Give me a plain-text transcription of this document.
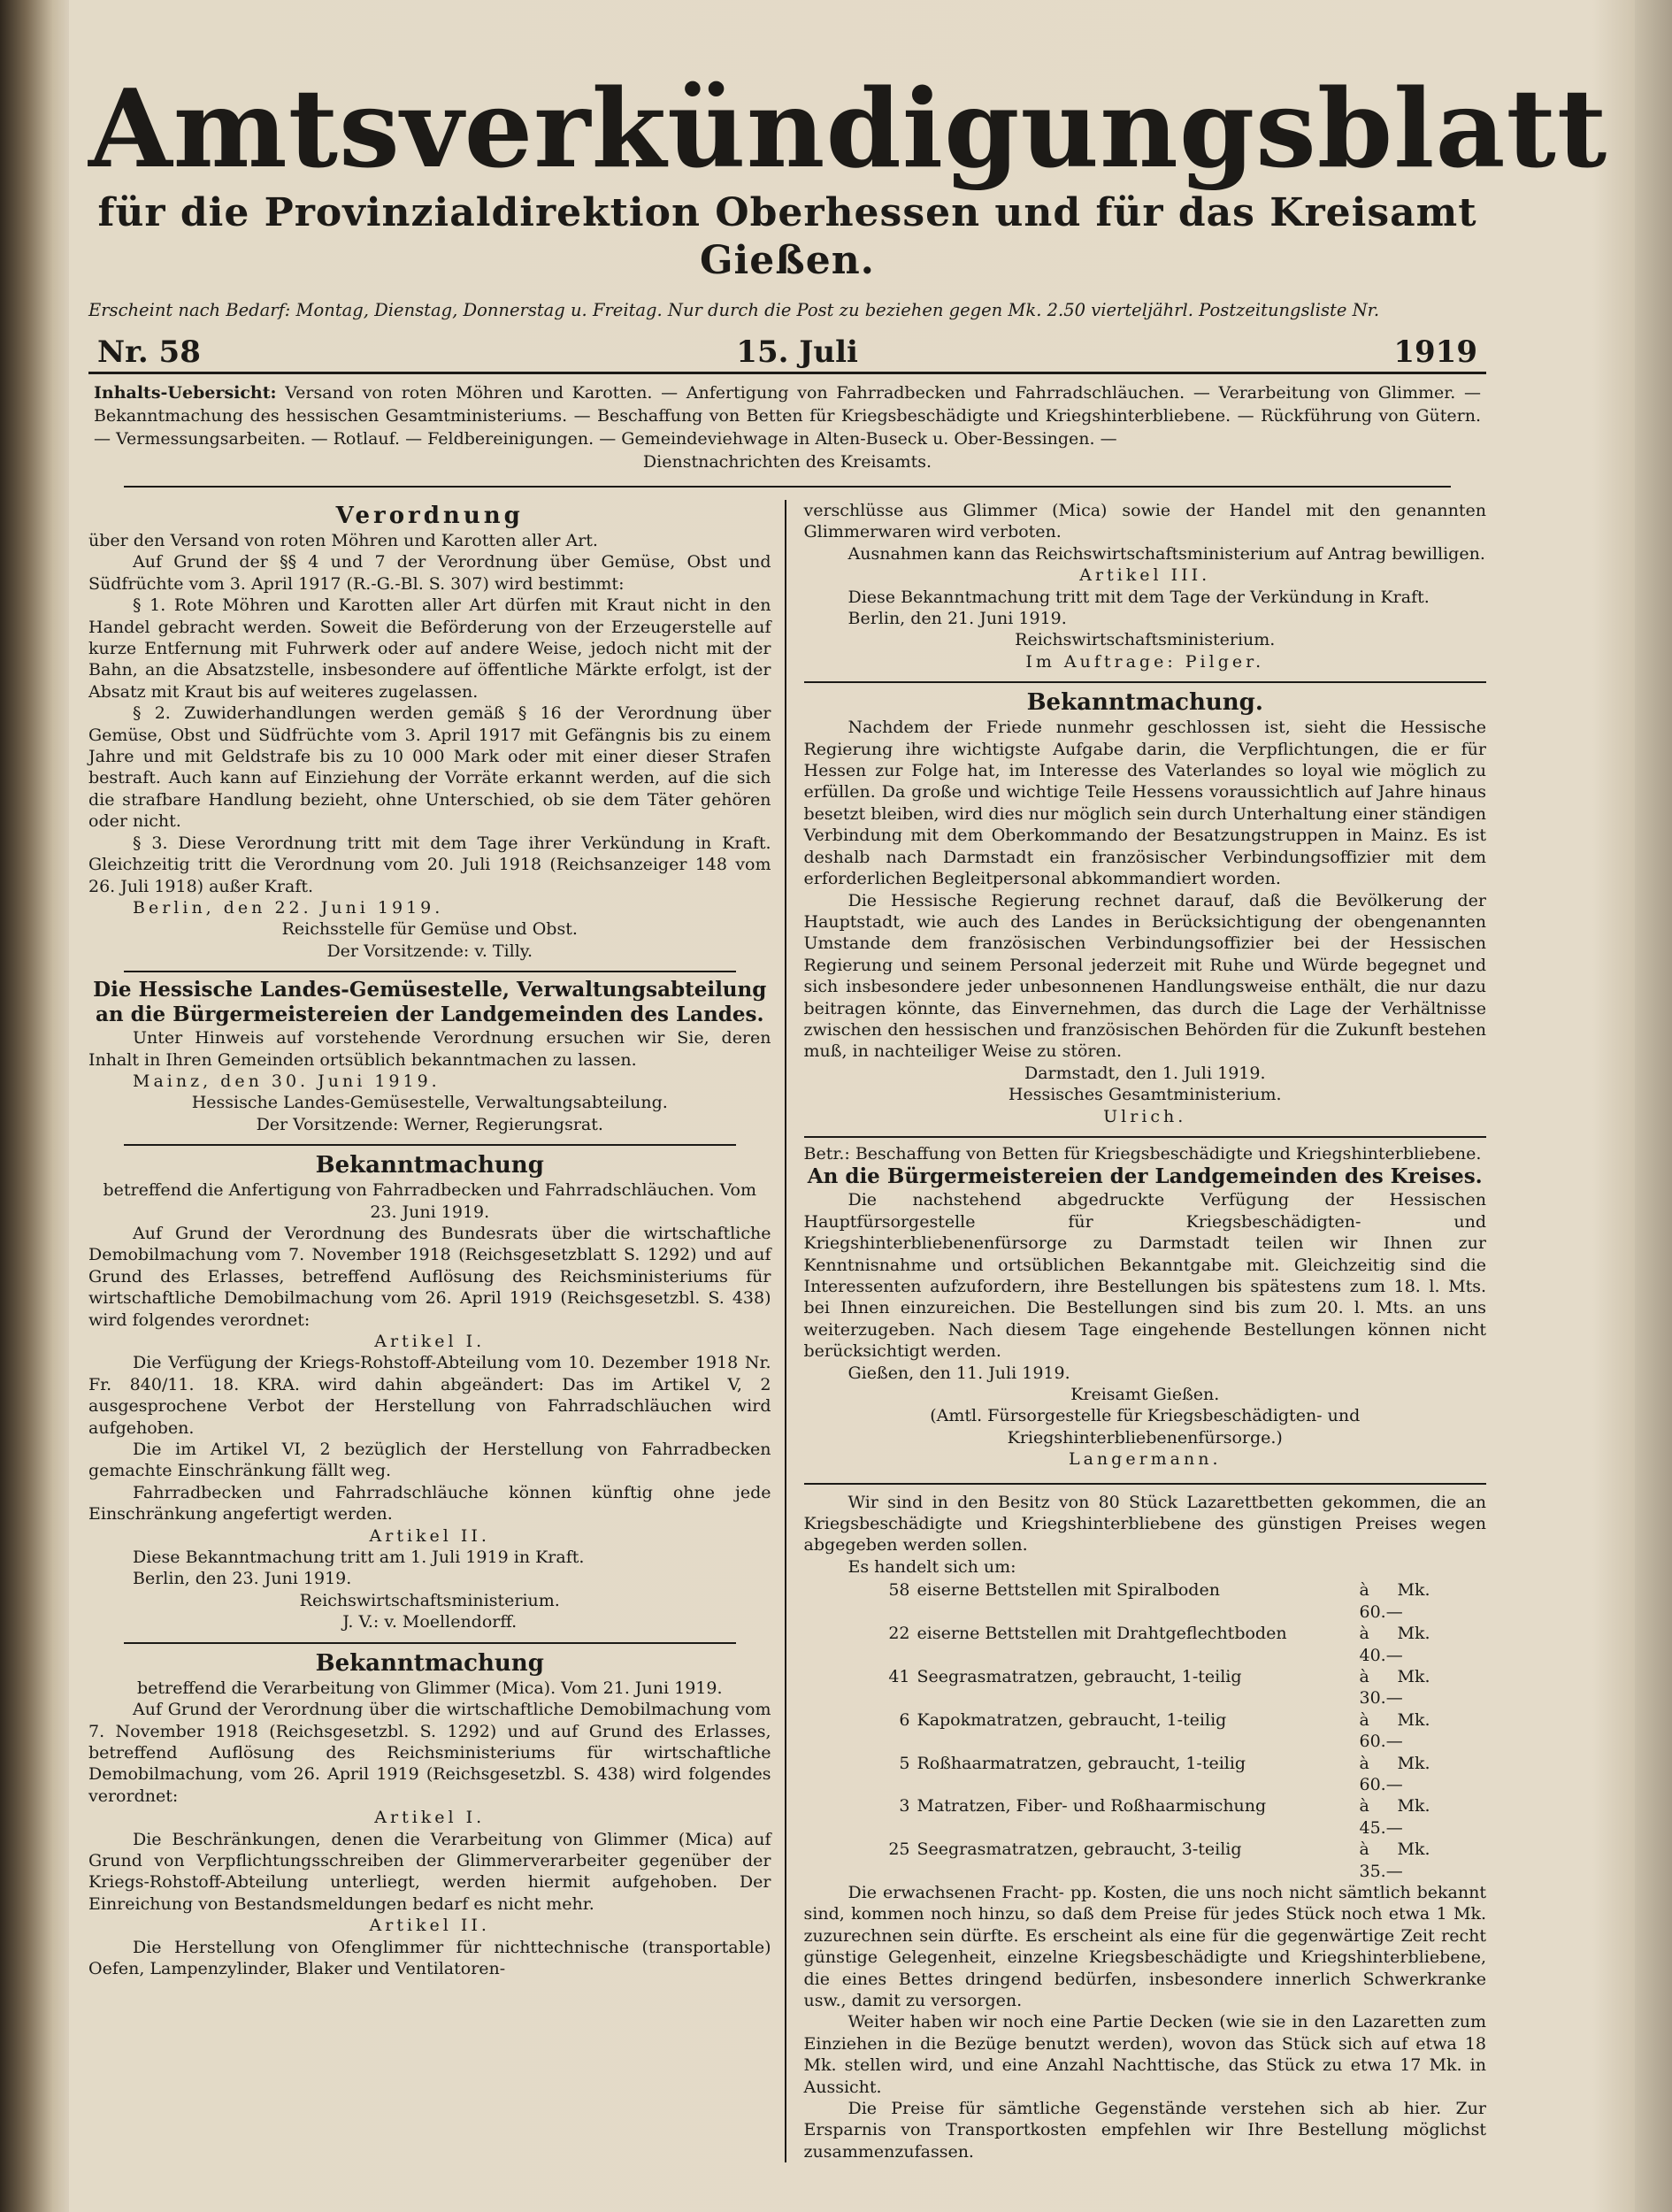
Amtsverkündigungsblatt
für die Provinzialdirektion Oberhessen und für das Kreisamt Gießen.
Erscheint nach Bedarf: Montag, Dienstag, Donnerstag u. Freitag. Nur durch die Post zu beziehen gegen Mk. 2.50 vierteljährl. Postzeitungsliste Nr.
Nr. 58	15. Juli	1919
Inhalts-Uebersicht: Versand von roten Möhren und Karotten. — Anfertigung von Fahrradbecken und Fahrradschläuchen. — Verarbeitung von Glimmer. — Bekanntmachung des hessischen Gesamtministeriums. — Beschaffung von Betten für Kriegsbeschädigte und Kriegshinterbliebene. — Rückführung von Gütern. — Vermessungsarbeiten. — Rotlauf. — Feldbereinigungen. — Gemeindeviehwage in Alten-Buseck u. Ober-Bessingen. —
Dienstnachrichten des Kreisamts.
Verordnung

über den Versand von roten Möhren und Karotten aller Art.

Auf Grund der §§ 4 und 7 der Verordnung über Gemüse, Obst und Südfrüchte vom 3. April 1917 (R.-G.-Bl. S. 307) wird bestimmt:

§ 1. Rote Möhren und Karotten aller Art dürfen mit Kraut nicht in den Handel gebracht werden. Soweit die Beförderung von der Erzeugerstelle auf kurze Entfernung mit Fuhrwerk oder auf andere Weise, jedoch nicht mit der Bahn, an die Absatzstelle, insbesondere auf öffentliche Märkte erfolgt, ist der Absatz mit Kraut bis auf weiteres zugelassen.

§ 2. Zuwiderhandlungen werden gemäß § 16 der Verordnung über Gemüse, Obst und Südfrüchte vom 3. April 1917 mit Gefängnis bis zu einem Jahre und mit Geldstrafe bis zu 10 000 Mark oder mit einer dieser Strafen bestraft. Auch kann auf Einziehung der Vorräte erkannt werden, auf die sich die strafbare Handlung bezieht, ohne Unterschied, ob sie dem Täter gehören oder nicht.

§ 3. Diese Verordnung tritt mit dem Tage ihrer Verkündung in Kraft. Gleichzeitig tritt die Verordnung vom 20. Juli 1918 (Reichsanzeiger 148 vom 26. Juli 1918) außer Kraft.

Berlin, den 22. Juni 1919.

Reichsstelle für Gemüse und Obst.

Der Vorsitzende: v. Tilly.

Die Hessische Landes-Gemüsestelle, Verwaltungsabteilung an die Bürgermeistereien der Landgemeinden des Landes.

Unter Hinweis auf vorstehende Verordnung ersuchen wir Sie, deren Inhalt in Ihren Gemeinden ortsüblich bekanntmachen zu lassen.

Mainz, den 30. Juni 1919.

Hessische Landes-Gemüsestelle, Verwaltungsabteilung.

Der Vorsitzende: Werner, Regierungsrat.

Bekanntmachung

betreffend die Anfertigung von Fahrradbecken und Fahrradschläuchen. Vom 23. Juni 1919.

Auf Grund der Verordnung des Bundesrats über die wirtschaftliche Demobilmachung vom 7. November 1918 (Reichsgesetzblatt S. 1292) und auf Grund des Erlasses, betreffend Auflösung des Reichsministeriums für wirtschaftliche Demobilmachung vom 26. April 1919 (Reichsgesetzbl. S. 438) wird folgendes verordnet:

Artikel I.

Die Verfügung der Kriegs-Rohstoff-Abteilung vom 10. Dezember 1918 Nr. Fr. 840/11. 18. KRA. wird dahin abgeändert: Das im Artikel V, 2 ausgesprochene Verbot der Herstellung von Fahrradschläuchen wird aufgehoben.

Die im Artikel VI, 2 bezüglich der Herstellung von Fahrradbecken gemachte Einschränkung fällt weg.

Fahrradbecken und Fahrradschläuche können künftig ohne jede Einschränkung angefertigt werden.

Artikel II.

Diese Bekanntmachung tritt am 1. Juli 1919 in Kraft.

Berlin, den 23. Juni 1919.

Reichswirtschaftsministerium.

J. V.: v. Moellendorff.

Bekanntmachung

betreffend die Verarbeitung von Glimmer (Mica). Vom 21. Juni 1919.

Auf Grund der Verordnung über die wirtschaftliche Demobilmachung vom 7. November 1918 (Reichsgesetzbl. S. 1292) und auf Grund des Erlasses, betreffend Auflösung des Reichsministeriums für wirtschaftliche Demobilmachung, vom 26. April 1919 (Reichsgesetzbl. S. 438) wird folgendes verordnet:

Artikel I.

Die Beschränkungen, denen die Verarbeitung von Glimmer (Mica) auf Grund von Verpflichtungsschreiben der Glimmerverarbeiter gegenüber der Kriegs-Rohstoff-Abteilung unterliegt, werden hiermit aufgehoben. Der Einreichung von Bestandsmeldungen bedarf es nicht mehr.

Artikel II.

Die Herstellung von Ofenglimmer für nichttechnische (transportable) Oefen, Lampenzylinder, Blaker und Ventilatoren-

verschlüsse aus Glimmer (Mica) sowie der Handel mit den genannten Glimmerwaren wird verboten.

Ausnahmen kann das Reichswirtschaftsministerium auf Antrag bewilligen.

Artikel III.

Diese Bekanntmachung tritt mit dem Tage der Verkündung in Kraft.

Berlin, den 21. Juni 1919.

Reichswirtschaftsministerium.

Im Auftrage: Pilger.

Bekanntmachung.

Nachdem der Friede nunmehr geschlossen ist, sieht die Hessische Regierung ihre wichtigste Aufgabe darin, die Verpflichtungen, die er für Hessen zur Folge hat, im Interesse des Vaterlandes so loyal wie möglich zu erfüllen. Da große und wichtige Teile Hessens voraussichtlich auf Jahre hinaus besetzt bleiben, wird dies nur möglich sein durch Unterhaltung einer ständigen Verbindung mit dem Oberkommando der Besatzungstruppen in Mainz. Es ist deshalb nach Darmstadt ein französischer Verbindungsoffizier mit dem erforderlichen Begleitpersonal abkommandiert worden.

Die Hessische Regierung rechnet darauf, daß die Bevölkerung der Hauptstadt, wie auch des Landes in Berücksichtigung der obengenannten Umstande dem französischen Verbindungsoffizier bei der Hessischen Regierung und seinem Personal jederzeit mit Ruhe und Würde begegnet und sich insbesondere jeder unbesonnenen Handlungsweise enthält, die nur dazu beitragen könnte, das Einvernehmen, das durch die Lage der Verhältnisse zwischen den hessischen und französischen Behörden für die Zukunft bestehen muß, in nachteiliger Weise zu stören.

Darmstadt, den 1. Juli 1919.

Hessisches Gesamtministerium.

Ulrich.

Betr.: Beschaffung von Betten für Kriegsbeschädigte und Kriegshinterbliebene.

An die Bürgermeistereien der Landgemeinden des Kreises.

Die nachstehend abgedruckte Verfügung der Hessischen Hauptfürsorgestelle für Kriegsbeschädigten- und Kriegshinterbliebenenfürsorge zu Darmstadt teilen wir Ihnen zur Kenntnisnahme und ortsüblichen Bekanntgabe mit. Gleichzeitig sind die Interessenten aufzufordern, ihre Bestellungen bis spätestens zum 18. l. Mts. bei Ihnen einzureichen. Die Bestellungen sind bis zum 20. l. Mts. an uns weiterzugeben. Nach diesem Tage eingehende Bestellungen können nicht berücksichtigt werden.

Gießen, den 11. Juli 1919.

Kreisamt Gießen.

(Amtl. Fürsorgestelle für Kriegsbeschädigten- und Kriegshinterbliebenenfürsorge.)

Langermann.

Wir sind in den Besitz von 80 Stück Lazarettbetten gekommen, die an Kriegsbeschädigte und Kriegshinterbliebene des günstigen Preises wegen abgegeben werden sollen.

Es handelt sich um:

58 eiserne Bettstellen mit Spiralboden	à Mk. 60.—
22 eiserne Bettstellen mit Drahtgeflechtboden	à Mk. 40.—
41 Seegrasmatratzen, gebraucht, 1-teilig	à Mk. 30.—
6 Kapokmatratzen, gebraucht, 1-teilig	à Mk. 60.—
5 Roßhaarmatratzen, gebraucht, 1-teilig	à Mk. 60.—
3 Matratzen, Fiber- und Roßhaarmischung	à Mk. 45.—
25 Seegrasmatratzen, gebraucht, 3-teilig	à Mk. 35.—

Die erwachsenen Fracht- pp. Kosten, die uns noch nicht sämtlich bekannt sind, kommen noch hinzu, so daß dem Preise für jedes Stück noch etwa 1 Mk. zuzurechnen sein dürfte. Es erscheint als eine für die gegenwärtige Zeit recht günstige Gelegenheit, einzelne Kriegsbeschädigte und Kriegshinterbliebene, die eines Bettes dringend bedürfen, insbesondere innerlich Schwerkranke usw., damit zu versorgen.

Weiter haben wir noch eine Partie Decken (wie sie in den Lazaretten zum Einziehen in die Bezüge benutzt werden), wovon das Stück sich auf etwa 18 Mk. stellen wird, und eine Anzahl Nachttische, das Stück zu etwa 17 Mk. in Aussicht.

Die Preise für sämtliche Gegenstände verstehen sich ab hier. Zur Ersparnis von Transportkosten empfehlen wir Ihre Bestellung möglichst zusammenzufassen.
